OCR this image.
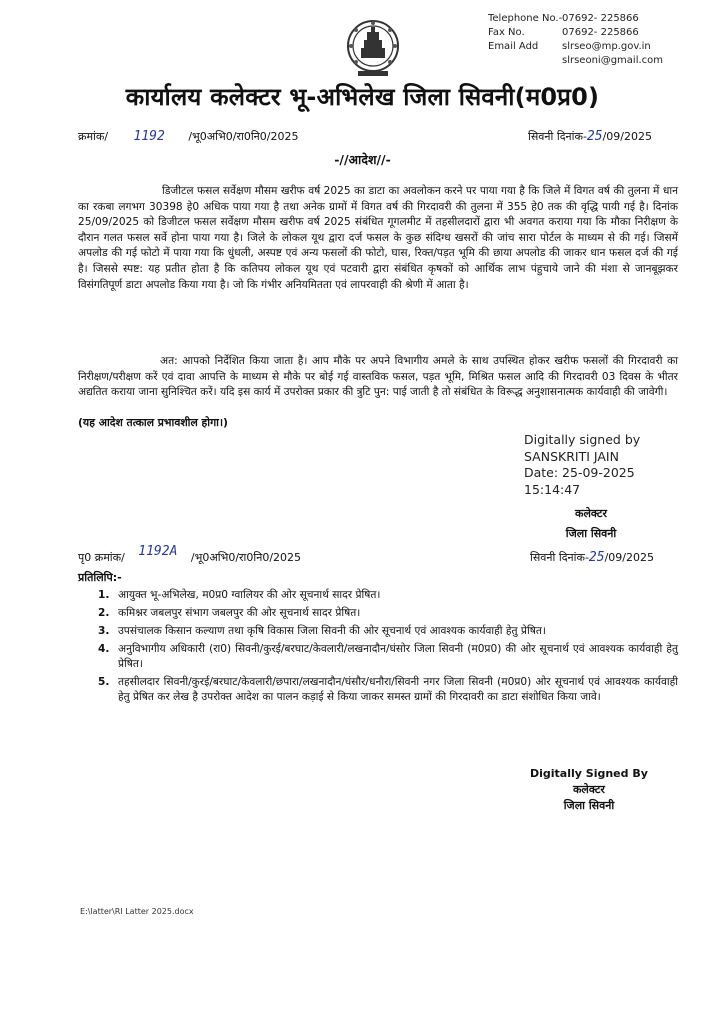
Telephone No.-07692- 225866
Fax No.	07692- 225866
Email Add slrseo@mp.gov.in
slrseoni@gmail.com
कार्यालय कलेक्टर भू-अभिलेख जिला सिवनी(म0प्र0)
क्रमांक/ 1192 /भू0अभि0/रा0नि0/2025	सिवनी दिनांक-25/09/2025
-//आदेश//-
डिजीटल फसल सर्वेक्षण मौसम खरीफ वर्ष 2025 का डाटा का अवलोकन करने पर पाया गया है कि जिले में विगत वर्ष की तुलना में धान का रकबा लगभग 30398 हे0 अधिक पाया गया है तथा अनेक ग्रामों में विगत वर्ष की गिरदावरी की तुलना में 355 हे0 तक की वृद्धि पायी गई है। दिनांक 25/09/2025 को डिजीटल फसल सर्वेक्षण मौसम खरीफ वर्ष 2025 संबंधित गूगलमीट में तहसीलदारों द्वारा भी अवगत कराया गया कि मौका निरीक्षण के दौरान गलत फसल सर्वे होना पाया गया है। जिले के लोकल यूथ द्वारा दर्ज फसल के कुछ संदिग्ध खसरों की जांच सारा पोर्टल के माध्यम से की गई। जिसमें अपलोड की गई फोटो में पाया गया कि धुंधली, अस्पष्ट एवं अन्य फसलों की फोटो, घास, रिक्त/पड़त भूमि की छाया अपलोड की जाकर धान फसल दर्ज की गई है। जिससे स्पष्ट: यह प्रतीत होता है कि कतिपय लोकल यूथ एवं पटवारी द्वारा संबंधित कृषकों को आर्थिक लाभ पंहुचाये जाने की मंशा से जानबूझकर विसंगतिपूर्ण डाटा अपलोड किया गया है। जो कि गंभीर अनियमितता एवं लापरवाही की श्रेणी में आता है।
अत: आपको निर्देशित किया जाता है। आप मौके पर अपने विभागीय अमले के साथ उपस्थित होकर खरीफ फसलों की गिरदावरी का निरीक्षण/परीक्षण करें एवं दावा आपत्ति के माध्यम से मौके पर बोई गई वास्तविक फसल, पड़त भूमि, मिश्रित फसल आदि की गिरदावरी 03 दिवस के भीतर अद्यतित कराया जाना सुनिश्चित करें। यदि इस कार्य में उपरोक्त प्रकार की त्रुटि पुन: पाई जाती है तो संबंधित के विरूद्ध अनुशासनात्मक कार्यवाही की जावेगी।
(यह आदेश तत्काल प्रभावशील होगा।)
Digitally signed by
SANSKRITI JAIN
Date: 25-09-2025
15:14:47
कलेक्टर
जिला सिवनी
पृ0 क्रमांक/ 1192A /भू0अभि0/रा0नि0/2025	सिवनी दिनांक-25/09/2025
प्रतिलिपि:-
1. आयुक्त भू-अभिलेख, म0प्र0 ग्वालियर की ओर सूचनार्थ सादर प्रेषित।
2. कमिश्नर जबलपुर संभाग जबलपुर की ओर सूचनार्थ सादर प्रेषित।
3. उपसंचालक किसान कल्याण तथा कृषि विकास जिला सिवनी की ओर सूचनार्थ एवं आवश्यक कार्यवाही हेतु प्रेषित।
4. अनुविभागीय अधिकारी (रा0) सिवनी/कुरई/बरघाट/केवलारी/लखनादौन/घंसोर जिला सिवनी (म0प्र0) की ओर सूचनार्थ एवं आवश्यक कार्यवाही हेतु प्रेषित।
5. तहसीलदार सिवनी/कुरई/बरघाट/केवलारी/छपारा/लखनादौन/घंसौर/धनौरा/सिवनी नगर जिला सिवनी (म0प्र0) ओर सूचनार्थ एवं आवश्यक कार्यवाही हेतु प्रेषित कर लेख है उपरोक्त आदेश का पालन कड़ाई से किया जाकर समस्त ग्रामों की गिरदावरी का डाटा संशोधित किया जावे।
Digitally Signed By
कलेक्टर
जिला सिवनी
E:\latter\RI Latter 2025.docx
